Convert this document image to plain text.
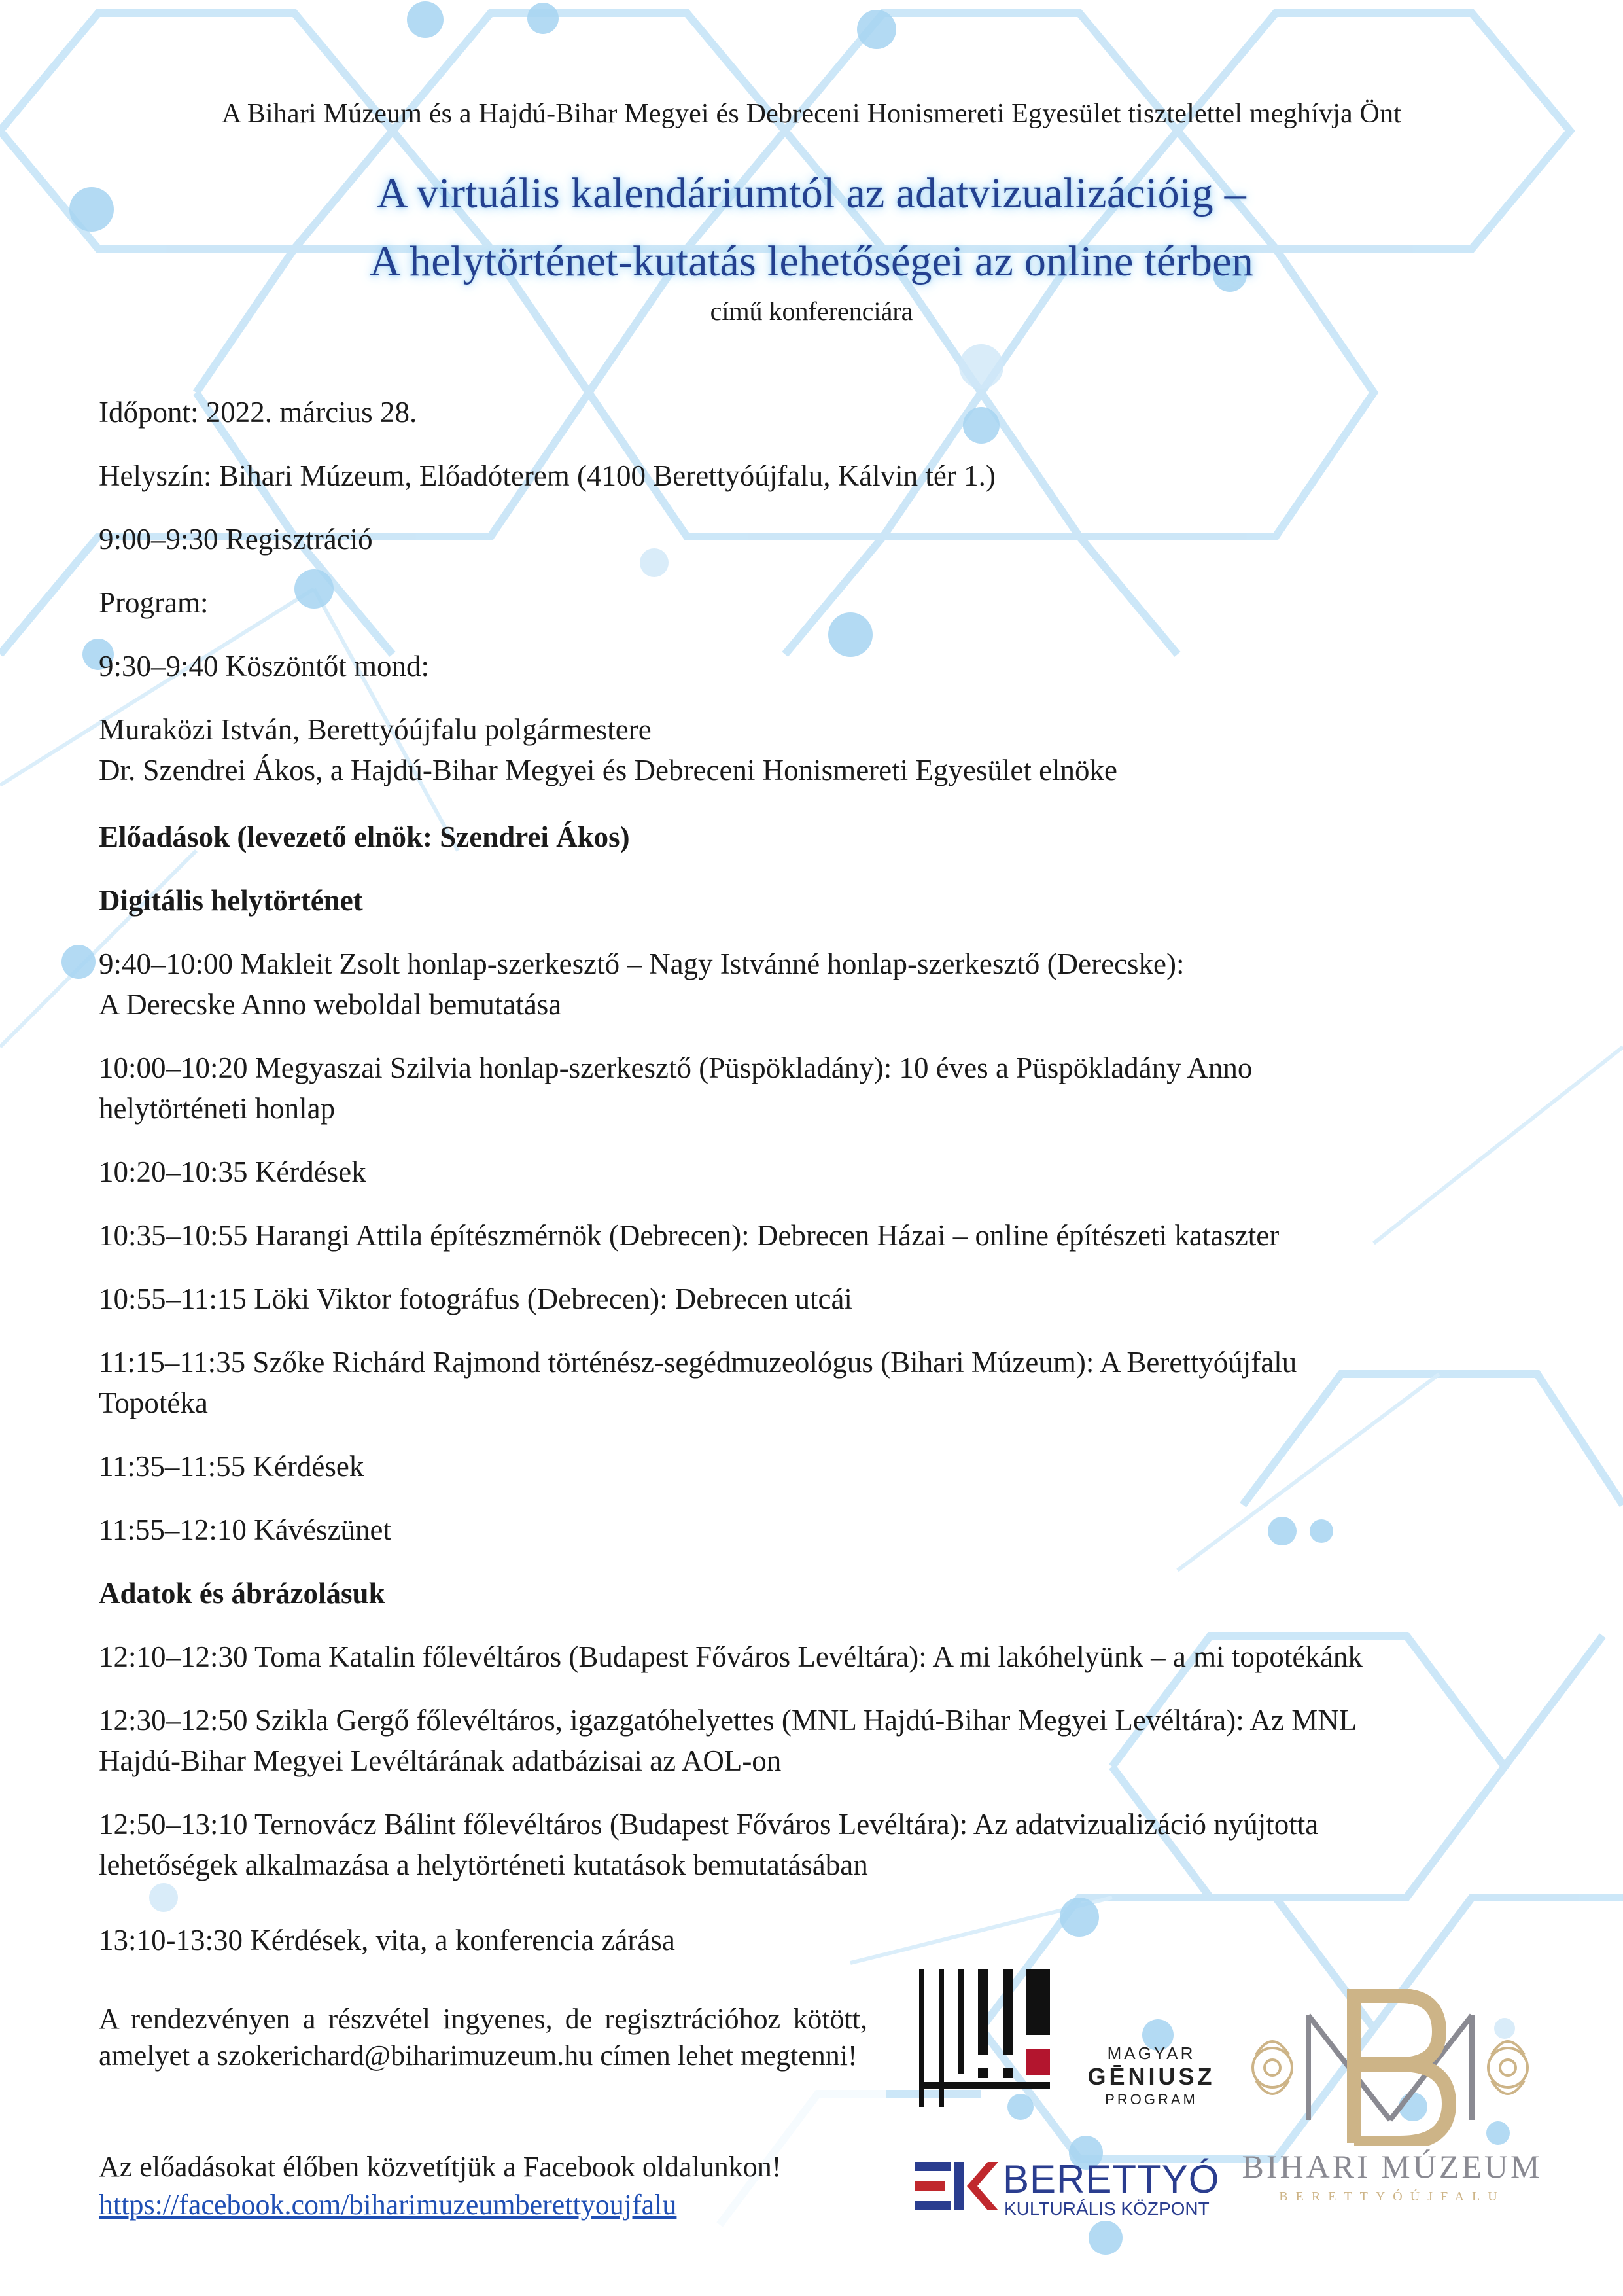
A Bihari Múzeum és a Hajdú-Bihar Megyei és Debreceni Honismereti Egyesület tisztelettel meghívja Önt
A virtuális kalendáriumtól az adatvizualizációig –
A helytörténet-kutatás lehetőségei az online térben
című konferenciára
Időpont: 2022. március 28.
Helyszín: Bihari Múzeum, Előadóterem (4100 Berettyóújfalu, Kálvin tér 1.)
9:00–9:30 Regisztráció
Program:
9:30–9:40 Köszöntőt mond:
Muraközi István, Berettyóújfalu polgármestere
Dr. Szendrei Ákos, a Hajdú-Bihar Megyei és Debreceni Honismereti Egyesület elnöke
Előadások (levezető elnök: Szendrei Ákos)
Digitális helytörténet
9:40–10:00 Makleit Zsolt honlap-szerkesztő – Nagy Istvánné honlap-szerkesztő (Derecske):
A Derecske Anno weboldal bemutatása
10:00–10:20 Megyaszai Szilvia honlap-szerkesztő (Püspökladány): 10 éves a Püspökladány Anno
helytörténeti honlap
10:20–10:35 Kérdések
10:35–10:55 Harangi Attila építészmérnök (Debrecen): Debrecen Házai – online építészeti kataszter
10:55–11:15 Löki Viktor fotográfus (Debrecen): Debrecen utcái
11:15–11:35 Szőke Richárd Rajmond történész-segédmuzeológus (Bihari Múzeum): A Berettyóújfalu
Topotéka
11:35–11:55 Kérdések
11:55–12:10 Kávészünet
Adatok és ábrázolásuk
12:10–12:30 Toma Katalin főlevéltáros (Budapest Főváros Levéltára): A mi lakóhelyünk – a mi topotékánk
12:30–12:50 Szikla Gergő főlevéltáros, igazgatóhelyettes (MNL Hajdú-Bihar Megyei Levéltára): Az MNL
Hajdú-Bihar Megyei Levéltárának adatbázisai az AOL-on
12:50–13:10 Ternovácz Bálint főlevéltáros (Budapest Főváros Levéltára): Az adatvizualizáció nyújtotta
lehetőségek alkalmazása a helytörténeti kutatások bemutatásában
13:10-13:30 Kérdések, vita, a konferencia zárása
A rendezvényen a részvétel ingyenes, de regisztrációhoz kötött, amelyet a szokerichard@biharimuzeum.hu címen lehet megtenni!
Az előadásokat élőben közvetítjük a Facebook oldalunkon!
https://facebook.com/biharimuzeumberettyoujfalu
MAGYAR
GĒNIUSZ
PROGRAM
BERETTYÓ
KULTURÁLIS KÖZPONT
BIHARI MÚZEUM
BERETTYÓÚJFALU
